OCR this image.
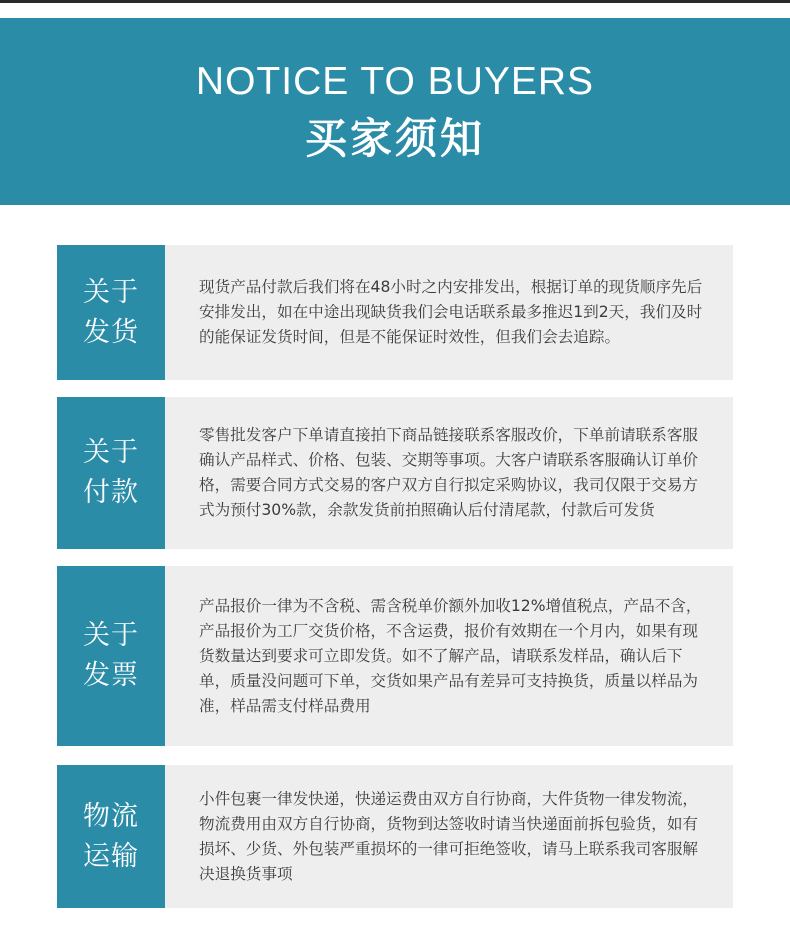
NOTICE TO BUYERS
买家须知
关于
发货

现货产品付款后我们将在48小时之内安排发出，根据订单的现货顺序先后安排发出，如在中途出现缺货我们会电话联系最多推迟1到2天，我们及时的能保证发货时间，但是不能保证时效性，但我们会去追踪。

关于
付款

零售批发客户下单请直接拍下商品链接联系客服改价，下单前请联系客服确认产品样式、价格、包装、交期等事项。大客户请联系客服确认订单价格，需要合同方式交易的客户双方自行拟定采购协议，我司仅限于交易方式为预付30%款，余款发货前拍照确认后付清尾款，付款后可发货

关于
发票

产品报价一律为不含税、需含税单价额外加收12%增值税点，产品不含，产品报价为工厂交货价格，不含运费，报价有效期在一个月内，如果有现货数量达到要求可立即发货。如不了解产品，请联系发样品，确认后下单，质量没问题可下单，交货如果产品有差异可支持换货，质量以样品为准，样品需支付样品费用

物流
运输

小件包裹一律发快递，快递运费由双方自行协商，大件货物一律发物流，物流费用由双方自行协商，货物到达签收时请当快递面前拆包验货，如有损坏、少货、外包装严重损坏的一律可拒绝签收，请马上联系我司客服解决退换货事项
